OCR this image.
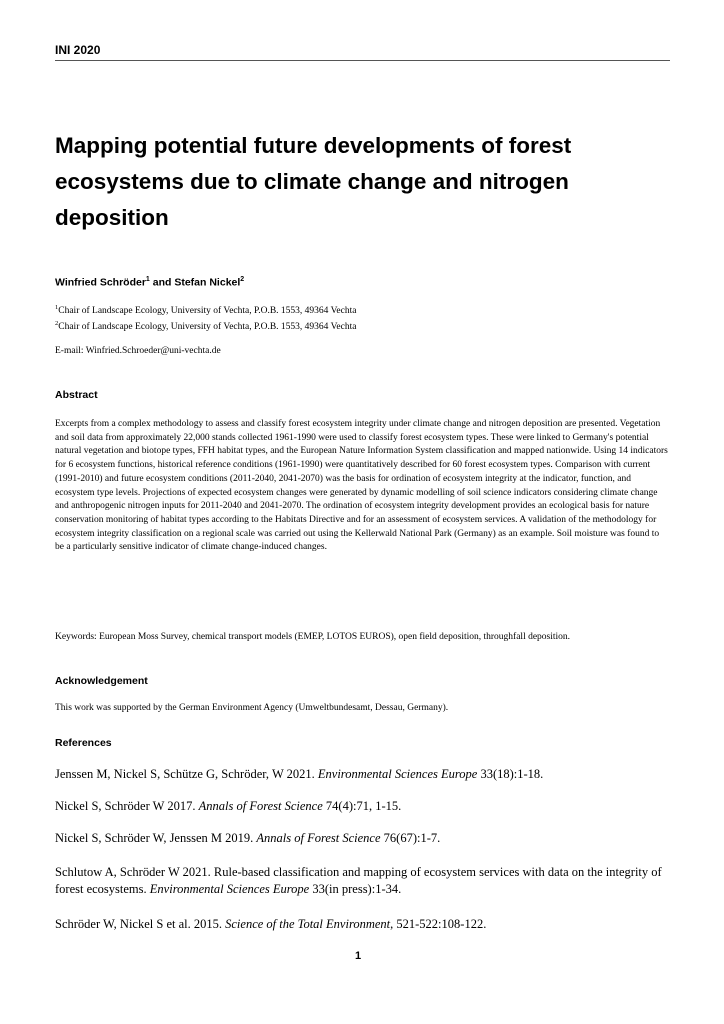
INI 2020
Mapping potential future developments of forest ecosystems due to climate change and nitrogen deposition
Winfried Schröder$^1$ and Stefan Nickel$^2$
$^1$Chair of Landscape Ecology, University of Vechta, P.O.B. 1553, 49364 Vechta
$^2$Chair of Landscape Ecology, University of Vechta, P.O.B. 1553, 49364 Vechta
E-mail: Winfried.Schroeder@uni-vechta.de
Abstract
Excerpts from a complex methodology to assess and classify forest ecosystem integrity under climate change and nitrogen deposition are presented. Vegetation and soil data from approximately 22,000 stands collected 1961-1990 were used to classify forest ecosystem types. These were linked to Germany's potential natural vegetation and biotope types, FFH habitat types, and the European Nature Information System classification and mapped nationwide. Using 14 indicators for 6 ecosystem functions, historical reference conditions (1961-1990) were quantitatively described for 60 forest ecosystem types. Comparison with current (1991-2010) and future ecosystem conditions (2011-2040, 2041-2070) was the basis for ordination of ecosystem integrity at the indicator, function, and ecosystem type levels. Projections of expected ecosystem changes were generated by dynamic modelling of soil science indicators considering climate change and anthropogenic nitrogen inputs for 2011-2040 and 2041-2070. The ordination of ecosystem integrity development provides an ecological basis for nature conservation monitoring of habitat types according to the Habitats Directive and for an assessment of ecosystem services. A validation of the methodology for ecosystem integrity classification on a regional scale was carried out using the Kellerwald National Park (Germany) as an example. Soil moisture was found to be a particularly sensitive indicator of climate change-induced changes.
Keywords: European Moss Survey, chemical transport models (EMEP, LOTOS EUROS), open field deposition, throughfall deposition.
Acknowledgement
This work was supported by the German Environment Agency (Umweltbundesamt, Dessau, Germany).
References
Jenssen M, Nickel S, Schütze G, Schröder, W 2021. Environmental Sciences Europe 33(18):1-18.
Nickel S, Schröder W 2017. Annals of Forest Science 74(4):71, 1-15.
Nickel S, Schröder W, Jenssen M 2019. Annals of Forest Science 76(67):1-7.
Schlutow A, Schröder W 2021. Rule-based classification and mapping of ecosystem services with data on the integrity of forest ecosystems. Environmental Sciences Europe 33(in press):1-34.
Schröder W, Nickel S et al. 2015. Science of the Total Environment, 521-522:108-122.
1
